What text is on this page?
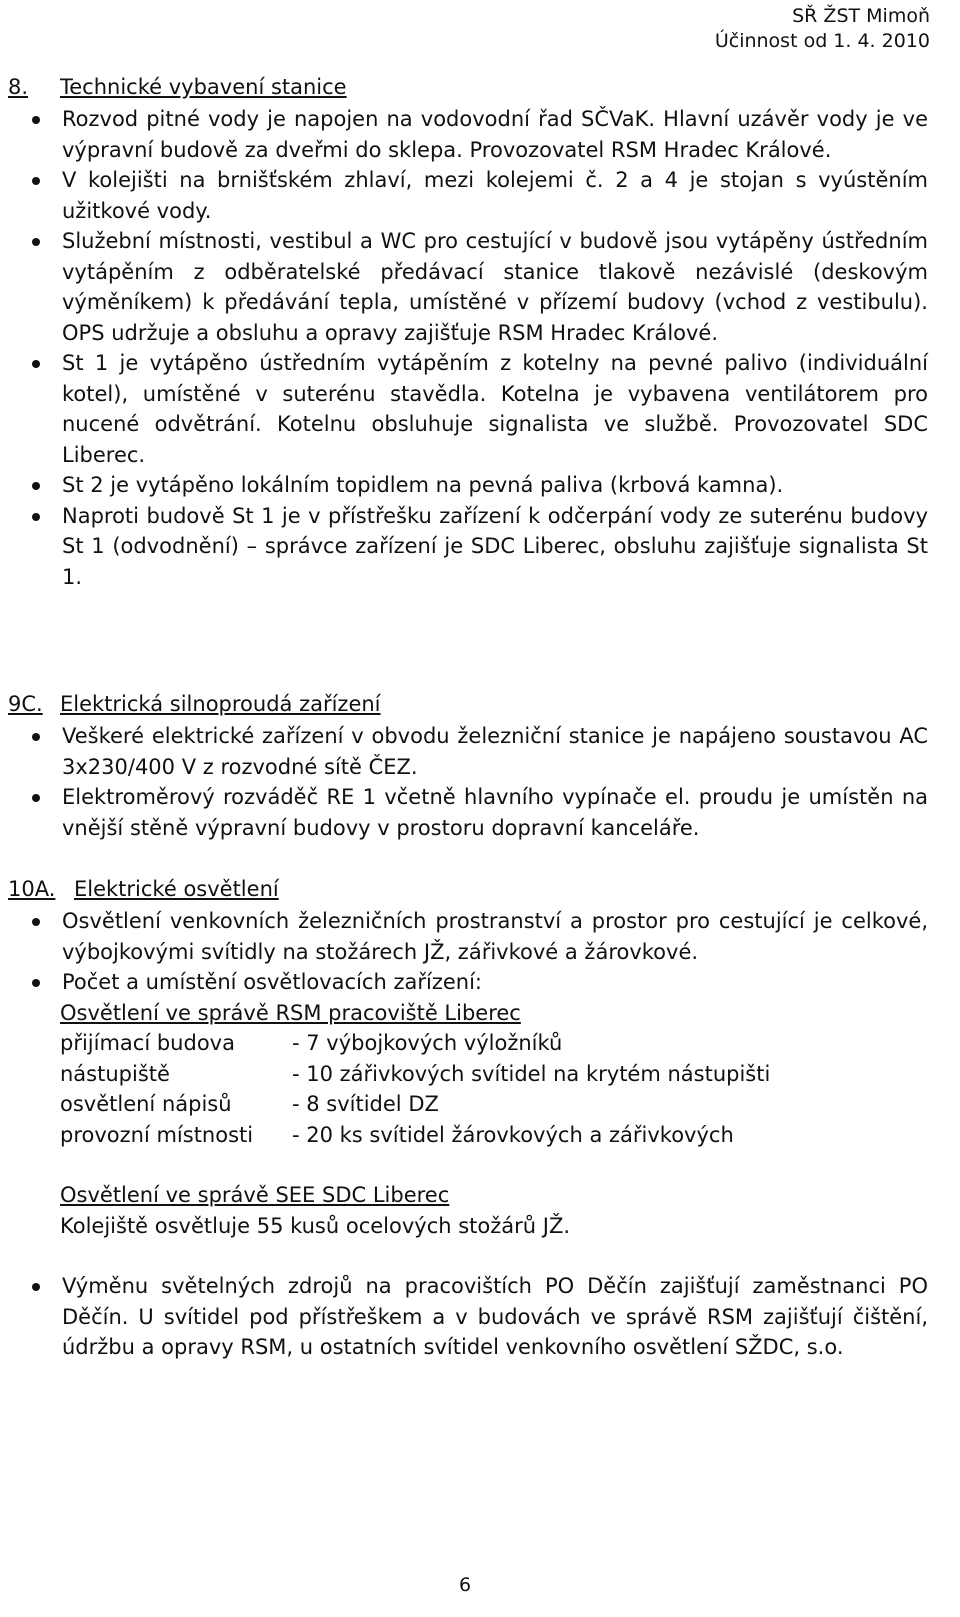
SŘ ŽST Mimoň
Účinnost od 1. 4. 2010

8. Technické vybavení stanice

Rozvod pitné vody je napojen na vodovodní řad SČVaK. Hlavní uzávěr vody je ve výpravní budově za dveřmi do sklepa. Provozovatel RSM Hradec Králové.
V kolejišti na brnišťském zhlaví, mezi kolejemi č. 2 a 4 je stojan s vyústěním užitkové vody.
Služební místnosti, vestibul a WC pro cestující v budově jsou vytápěny ústředním vytápěním z odběratelské předávací stanice tlakově nezávislé (deskovým výměníkem) k předávání tepla, umístěné v přízemí budovy (vchod z vestibulu). OPS udržuje a obsluhu a opravy zajišťuje RSM Hradec Králové.
St 1 je vytápěno ústředním vytápěním z kotelny na pevné palivo (individuální kotel), umístěné v suterénu stavědla. Kotelna je vybavena ventilátorem pro nucené odvětrání. Kotelnu obsluhuje signalista ve službě. Provozovatel SDC Liberec.
St 2 je vytápěno lokálním topidlem na pevná paliva (krbová kamna).
Naproti budově St 1 je v přístřešku zařízení k odčerpání vody ze suterénu budovy St 1 (odvodnění) – správce zařízení je SDC Liberec, obsluhu zajišťuje signalista St 1.

9C. Elektrická silnoproudá zařízení

Veškeré elektrické zařízení v obvodu železniční stanice je napájeno soustavou AC 3x230/400 V z rozvodné sítě ČEZ.
Elektroměrový rozváděč RE 1 včetně hlavního vypínače el. proudu je umístěn na vnější stěně výpravní budovy v prostoru dopravní kanceláře.

10A. Elektrické osvětlení

Osvětlení venkovních železničních prostranství a prostor pro cestující je celkové, výbojkovými svítidly na stožárech JŽ, zářivkové a žárovkové.
Počet a umístění osvětlovacích zařízení:
Osvětlení ve správě RSM pracoviště Liberec
přijímací budova	- 7 výbojkových výložníků
nástupiště	- 10 zářivkových svítidel na krytém nástupišti
osvětlení nápisů	- 8 svítidel DZ
provozní místnosti	- 20 ks svítidel žárovkových a zářivkových
Osvětlení ve správě SEE SDC Liberec
Kolejiště osvětluje 55 kusů ocelových stožárů JŽ.
Výměnu světelných zdrojů na pracovištích PO Děčín zajišťují zaměstnanci PO Děčín. U svítidel pod přístřeškem a v budovách ve správě RSM zajišťují čištění, údržbu a opravy RSM, u ostatních svítidel venkovního osvětlení SŽDC, s.o.
6
